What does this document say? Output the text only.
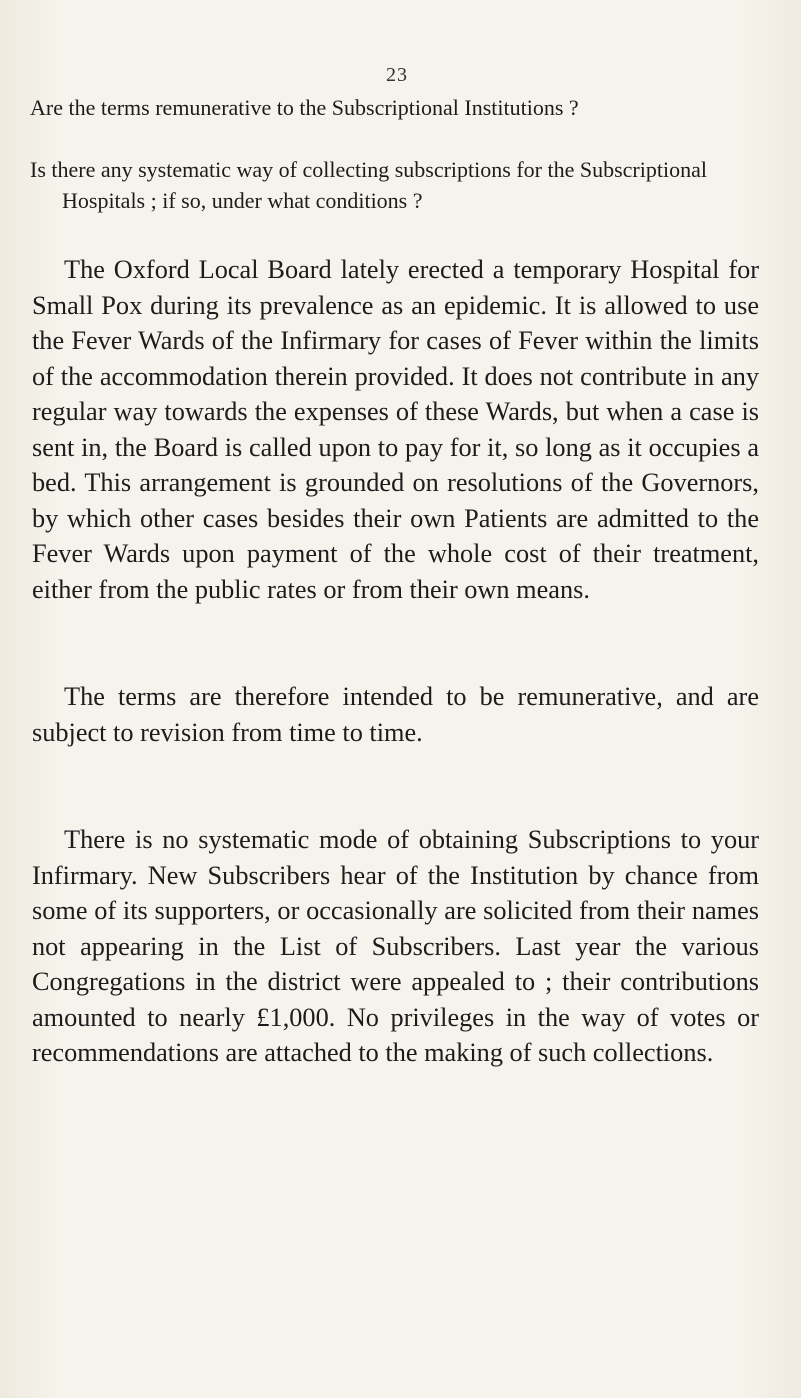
23
Are the terms remunerative to the Subscriptional Institutions ?
Is there any systematic way of collecting subscriptions for the Subscriptional Hospitals ; if so, under what conditions ?
The Oxford Local Board lately erected a temporary Hospital for Small Pox during its prevalence as an epidemic. It is allowed to use the Fever Wards of the Infirmary for cases of Fever within the limits of the accommodation therein provided. It does not contribute in any regular way towards the expenses of these Wards, but when a case is sent in, the Board is called upon to pay for it, so long as it occupies a bed. This arrangement is grounded on resolutions of the Governors, by which other cases besides their own Patients are admitted to the Fever Wards upon payment of the whole cost of their treatment, either from the public rates or from their own means.
The terms are therefore intended to be remunerative, and are subject to revision from time to time.
There is no systematic mode of obtaining Subscriptions to your Infirmary. New Subscribers hear of the Institution by chance from some of its supporters, or occasionally are solicited from their names not appearing in the List of Subscribers. Last year the various Congregations in the district were appealed to ; their contributions amounted to nearly £1,000. No privileges in the way of votes or recommendations are attached to the making of such collections.
